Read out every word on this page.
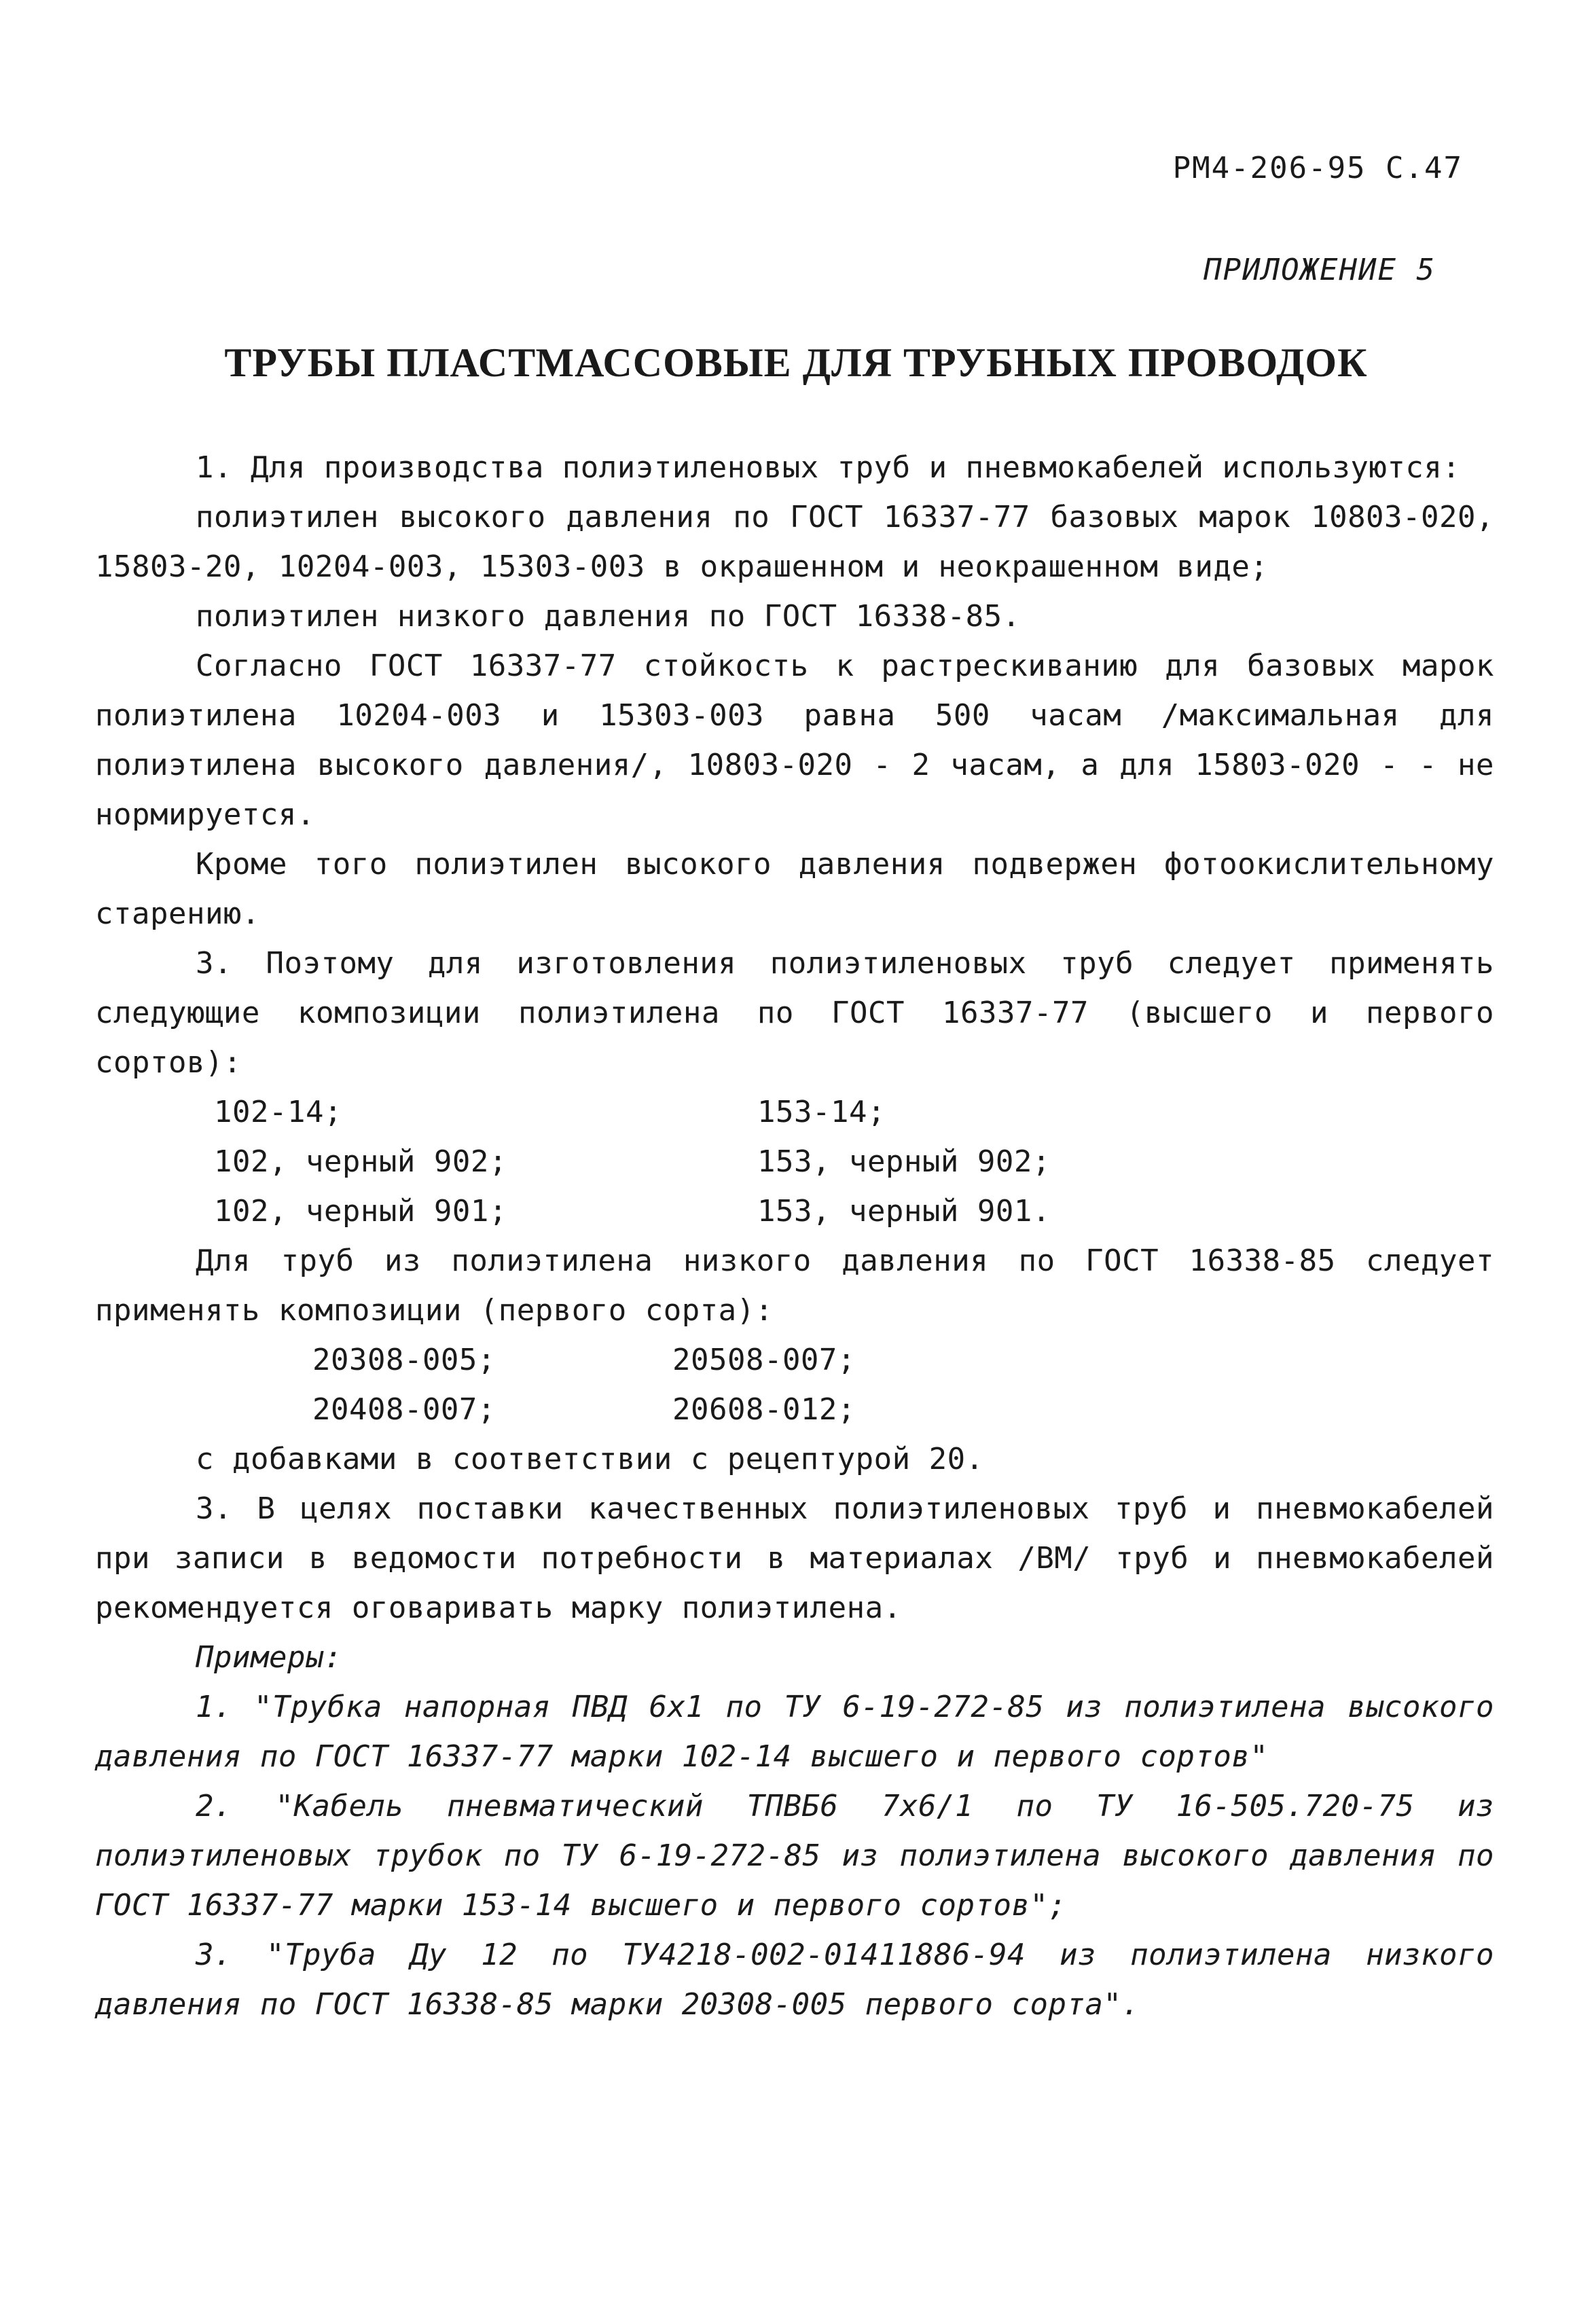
РМ4-206-95 С.47
ПРИЛОЖЕНИЕ 5
ТРУБЫ ПЛАСТМАССОВЫЕ ДЛЯ ТРУБНЫХ ПРОВОДОК

1. Для производства полиэтиленовых труб и пневмокабелей используются:

полиэтилен высокого давления по ГОСТ 16337-77 базовых марок 10803-020, 15803-20, 10204-003, 15303-003 в окрашенном и неокрашенном виде;

полиэтилен низкого давления по ГОСТ 16338-85.

Согласно ГОСТ 16337-77 стойкость к растрескиванию для базовых марок полиэтилена 10204-003 и 15303-003 равна 500 часам /максимальная для полиэтилена высокого давления/, 10803-020 - 2 часам, а для 15803-020 - - не нормируется.

Кроме того полиэтилен высокого давления подвержен фотоокислительному старению.

3. Поэтому для изготовления полиэтиленовых труб следует применять следующие композиции полиэтилена по ГОСТ 16337-77 (высшего и первого сортов):

102-14;	153-14;
102, черный 902;	153, черный 902;
102, черный 901;	153, черный 901.

Для труб из полиэтилена низкого давления по ГОСТ 16338-85 следует применять композиции (первого сорта):

20308-005;	20508-007;
20408-007;	20608-012;

с добавками в соответствии с рецептурой 20.

3. В целях поставки качественных полиэтиленовых труб и пневмокабелей при записи в ведомости потребности в материалах /ВМ/ труб и пневмокабелей рекомендуется оговаривать марку полиэтилена.

Примеры:

1. "Трубка напорная ПВД 6х1 по ТУ 6-19-272-85 из полиэтилена высокого давления по ГОСТ 16337-77 марки 102-14 высшего и первого сортов"

2. "Кабель пневматический ТПВБ6 7х6/1 по ТУ 16-505.720-75 из полиэтиленовых трубок по ТУ 6-19-272-85 из полиэтилена высокого давления по ГОСТ 16337-77 марки 153-14 высшего и первого сортов";

3. "Труба Ду 12 по ТУ4218-002-01411886-94 из полиэтилена низкого давления по ГОСТ 16338-85 марки 20308-005 первого сорта".
